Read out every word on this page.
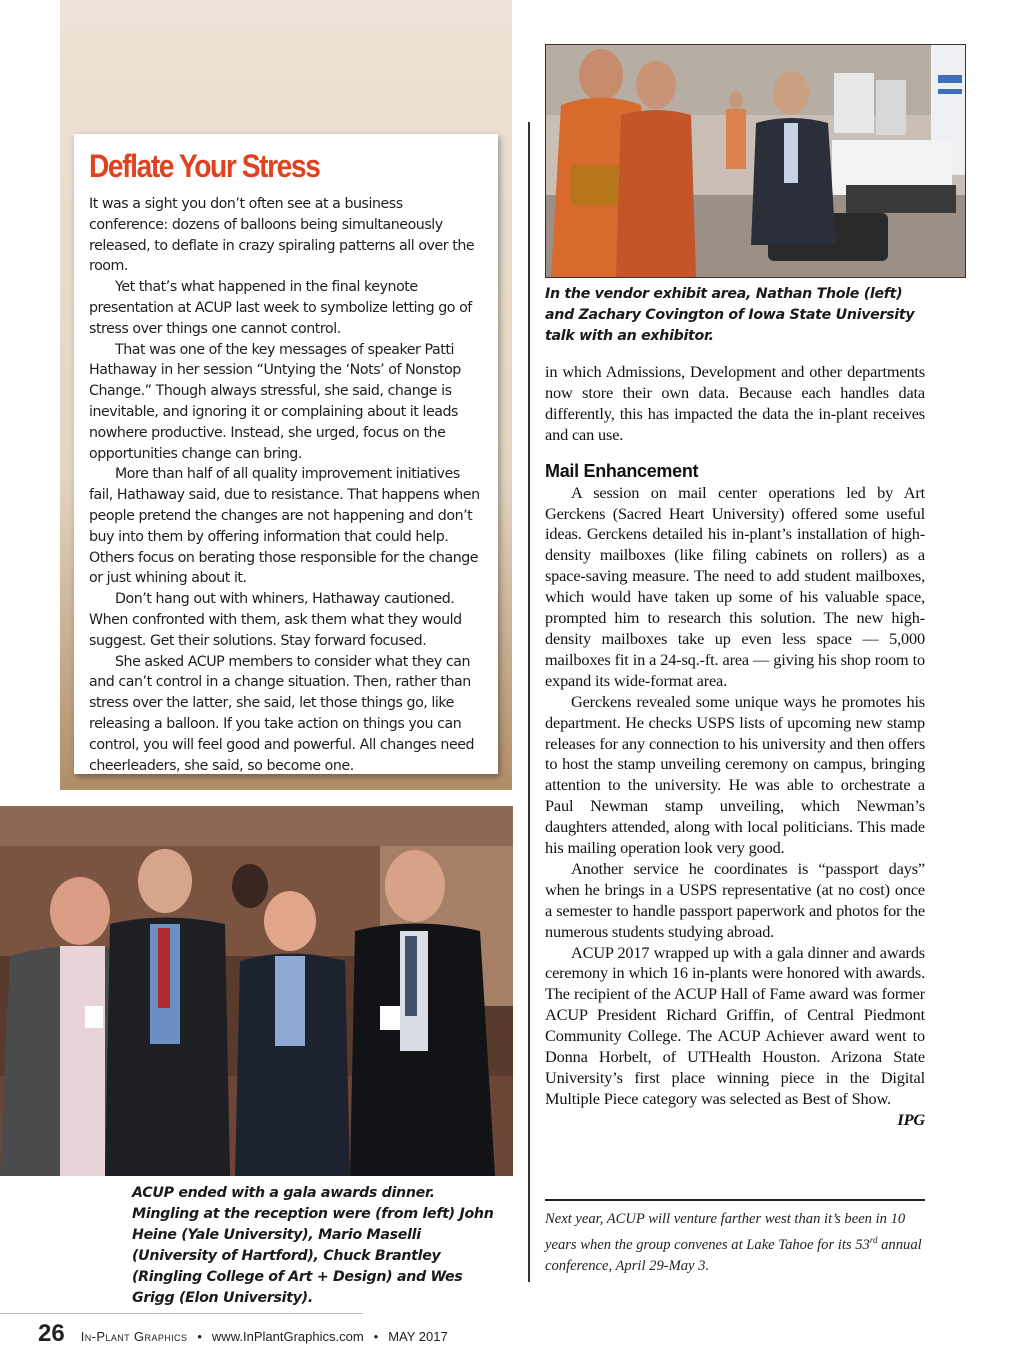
Deflate Your Stress

It was a sight you don’t often see at a business conference: dozens of balloons being simultaneously released, to deflate in crazy spiraling patterns all over the room.

Yet that’s what happened in the final keynote presentation at ACUP last week to symbolize letting go of stress over things one cannot control.

That was one of the key messages of speaker Patti Hathaway in her session “Untying the ‘Nots’ of Nonstop Change.” Though always stressful, she said, change is inevitable, and ignoring it or complaining about it leads nowhere productive. Instead, she urged, focus on the opportunities change can bring.

More than half of all quality improvement initiatives fail, Hathaway said, due to resistance. That happens when people pretend the changes are not happening and don’t buy into them by offering information that could help. Others focus on berating those responsible for the change or just whining about it.

Don’t hang out with whiners, Hathaway cautioned. When confronted with them, ask them what they would suggest. Get their solutions. Stay forward focused.

She asked ACUP members to consider what they can and can’t control in a change situation. Then, rather than stress over the latter, she said, let those things go, like releasing a balloon. If you take action on things you can control, you will feel good and powerful. All changes need cheerleaders, she said, so become one.

In the vendor exhibit area, Nathan Thole (left) and Zachary Covington of Iowa State University talk with an exhibitor.

in which Admissions, Development and other departments now store their own data. Because each handles data differently, this has impacted the data the in-plant receives and can use.

Mail Enhancement

A session on mail center operations led by Art Gerckens (Sacred Heart University) offered some useful ideas. Gerckens detailed his in-plant’s installation of high-density mailboxes (like filing cabinets on rollers) as a space-saving measure. The need to add student mailboxes, which would have taken up some of his valuable space, prompted him to research this solution. The new high-density mailboxes take up even less space — 5,000 mailboxes fit in a 24-sq.-ft. area — giving his shop room to expand its wide-format area.

Gerckens revealed some unique ways he promotes his department. He checks USPS lists of upcoming new stamp releases for any connection to his university and then offers to host the stamp unveiling ceremony on campus, bringing attention to the university. He was able to orchestrate a Paul Newman stamp unveiling, which Newman’s daughters attended, along with local politicians. This made his mailing operation look very good.

Another service he coordinates is “passport days” when he brings in a USPS representative (at no cost) once a semester to handle passport paperwork and photos for the numerous students studying abroad.

ACUP 2017 wrapped up with a gala dinner and awards ceremony in which 16 in-plants were honored with awards. The recipient of the ACUP Hall of Fame award was former ACUP President Richard Griffin, of Central Piedmont Community College. The ACUP Achiever award went to Donna Horbelt, of UTHealth Houston. Arizona State University’s first place winning piece in the Digital Multiple Piece category was selected as Best of Show.
IPG

Next year, ACUP will venture farther west than it’s been in 10 years when the group convenes at Lake Tahoe for its 53rd annual conference, April 29-May 3.
ACUP ended with a gala awards dinner. Mingling at the reception were (from left) John Heine (Yale University), Mario Maselli (University of Hartford), Chuck Brantley (Ringling College of Art + Design) and Wes Grigg (Elon University).
26 In-Plant Graphics • www.InPlantGraphics.com • MAY 2017
